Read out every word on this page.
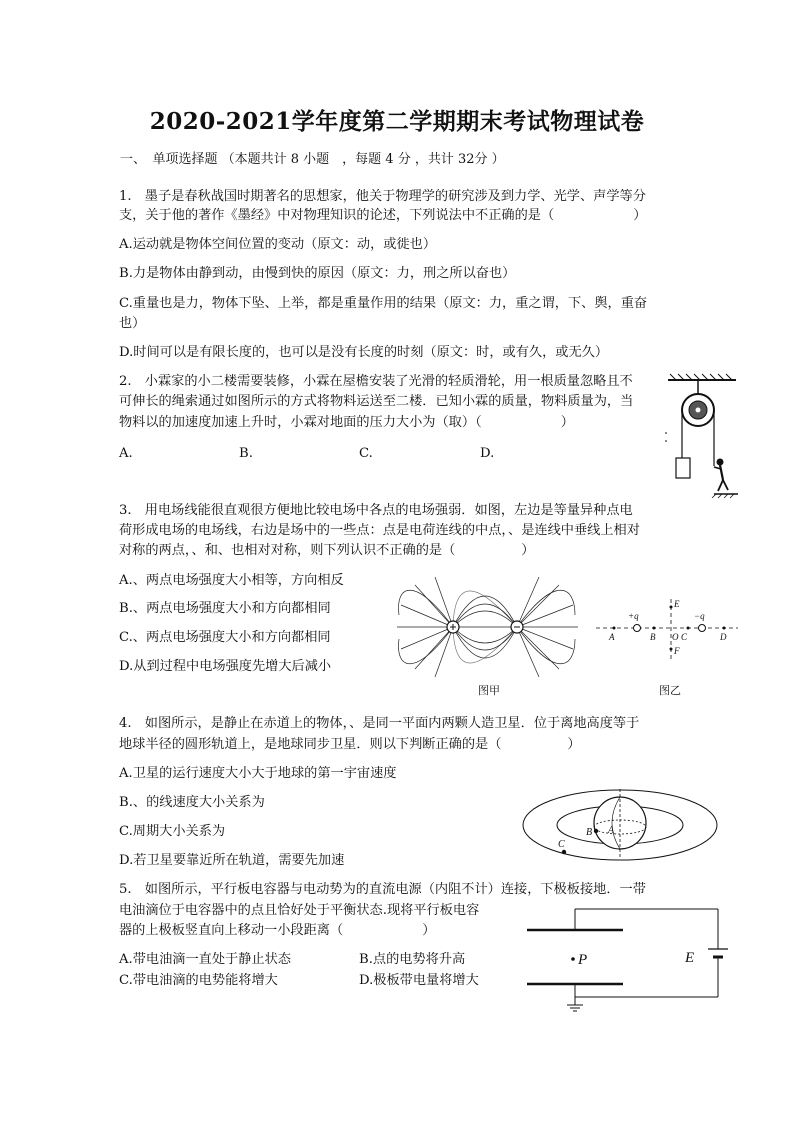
2020-2021学年度第二学期期末考试物理试卷
一、　单项选择题 （本题共计 8 小题　，每题 4 分 ，共计 32分 ）
1.　墨子是春秋战国时期著名的思想家，他关于物理学的研究涉及到力学、光学、声学等分
支，关于他的著作《墨经》中对物理知识的论述，下列说法中不正确的是（　　　　　　）
A.运动就是物体空间位置的变动（原文：动，或徙也）
B.力是物体由静到动，由慢到快的原因（原文：力，刑之所以奋也）
C.重量也是力，物体下坠、上举，都是重量作用的结果（原文：力，重之谓，下、舆，重奋
也）
D.时间可以是有限长度的，也可以是没有长度的时刻（原文：时，或有久，或无久）
2.　小霖家的小二楼需要装修，小霖在屋檐安装了光滑的轻质滑轮，用一根质量忽略且不
可伸长的绳索通过如图所示的方式将物料运送至二楼．已知小霖的质量，物料质量为，当
物料以的加速度加速上升时，小霖对地面的压力大小为（取）（　　　　　　）
A.	B.	C.	D.
3.　用电场线能很直观很方便地比较电场中各点的电场强弱．如图，左边是等量异种点电
荷形成电场的电场线，右边是场中的一些点：点是电荷连线的中点，、是连线中垂线上相对
对称的两点，、和、也相对对称，则下列认识不正确的是（　　　　　）
A.、两点电场强度大小相等，方向相反
B.、两点电场强度大小和方向都相同
C.、两点电场强度大小和方向都相同
D.从到过程中电场强度先增大后减小
图甲
+q	−q
A	B O C	D
E
F
图乙
4.　如图所示，是静止在赤道上的物体，、是同一平面内两颗人造卫星．位于离地高度等于
地球半径的圆形轨道上，是地球同步卫星．则以下判断正确的是（　　　　　）
A.卫星的运行速度大小大于地球的第一宇宙速度
B.、的线速度大小关系为
C.周期大小关系为
D.若卫星要靠近所在轨道，需要先加速
A
B
C
5.　如图所示，平行板电容器与电动势为的直流电源（内阻不计）连接，下极板接地．一带
电油滴位于电容器中的点且恰好处于平衡状态.现将平行板电容
器的上极板竖直向上移动一小段距离（　　　　　　）
A.带电油滴一直处于静止状态	B.点的电势将升高
C.带电油滴的电势能将增大	D.极板带电量将增大
P	E
